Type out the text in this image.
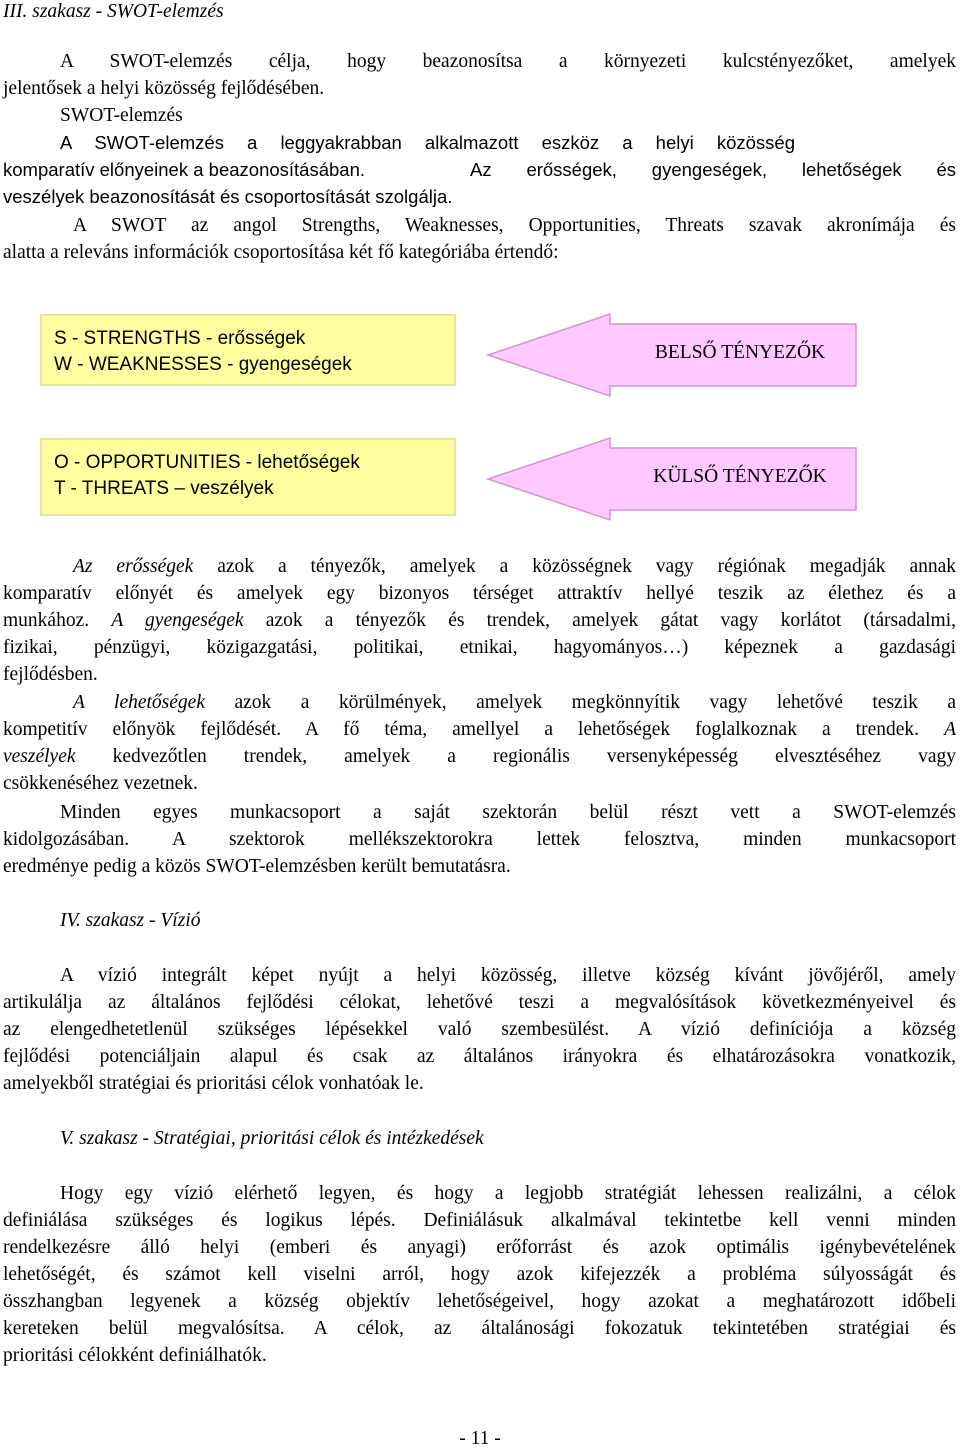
III. szakasz - SWOT-elemzés
A SWOT-elemzés célja, hogy beazonosítsa a környezeti kulcstényezőket, amelyek
jelentősek a helyi közösség fejlődésében.
SWOT-elemzés
A SWOT-elemzés a leggyakrabban alkalmazott eszköz a helyi közösség
komparatív előnyeinek a beazonosításában.	Az erősségek, gyengeségek, lehetőségek és
veszélyek beazonosítását és csoportosítását szolgálja.
A SWOT az angol Strengths, Weaknesses, Opportunities, Threats szavak akronímája és
alatta a releváns információk csoportosítása két fő kategóriába értendő:
S - STRENGTHS - erősségek
W - WEAKNESSES - gyengeségek
BELSŐ TÉNYEZŐK
O - OPPORTUNITIES - lehetőségek
T - THREATS – veszélyek
KÜLSŐ TÉNYEZŐK
Az erősségek azok a tényezők, amelyek a közösségnek vagy régiónak megadják annak
komparatív előnyét és amelyek egy bizonyos térséget attraktív hellyé teszik az élethez és a
munkához. A gyengeségek azok a tényezők és trendek, amelyek gátat vagy korlátot (társadalmi,
fizikai, pénzügyi, közigazgatási, politikai, etnikai, hagyományos…) képeznek a gazdasági
fejlődésben.
A lehetőségek azok a körülmények, amelyek megkönnyítik vagy lehetővé teszik a
kompetitív előnyök fejlődését. A fő téma, amellyel a lehetőségek foglalkoznak a trendek. A
veszélyek kedvezőtlen trendek, amelyek a regionális versenyképesség elvesztéséhez vagy
csökkenéséhez vezetnek.
Minden egyes munkacsoport a saját szektorán belül részt vett a SWOT-elemzés
kidolgozásában. A szektorok mellékszektorokra lettek felosztva, minden munkacsoport
eredménye pedig a közös SWOT-elemzésben került bemutatásra.
IV. szakasz - Vízió
A vízió integrált képet nyújt a helyi közösség, illetve község kívánt jövőjéről, amely
artikulálja az általános fejlődési célokat, lehetővé teszi a megvalósítások következményeivel és
az elengedhetetlenül szükséges lépésekkel való szembesülést. A vízió definíciója a község
fejlődési potenciáljain alapul és csak az általános irányokra és elhatározásokra vonatkozik,
amelyekből stratégiai és prioritási célok vonhatóak le.
V. szakasz - Stratégiai, prioritási célok és intézkedések
Hogy egy vízió elérhető legyen, és hogy a legjobb stratégiát lehessen realizálni, a célok
definiálása szükséges és logikus lépés. Definiálásuk alkalmával tekintetbe kell venni minden
rendelkezésre álló helyi (emberi és anyagi) erőforrást és azok optimális igénybevételének
lehetőségét, és számot kell viselni arról, hogy azok kifejezzék a probléma súlyosságát és
összhangban legyenek a község objektív lehetőségeivel, hogy azokat a meghatározott időbeli
kereteken belül megvalósítsa. A célok, az általánosági fokozatuk tekintetében stratégiai és
prioritási célokként definiálhatók.
- 11 -
